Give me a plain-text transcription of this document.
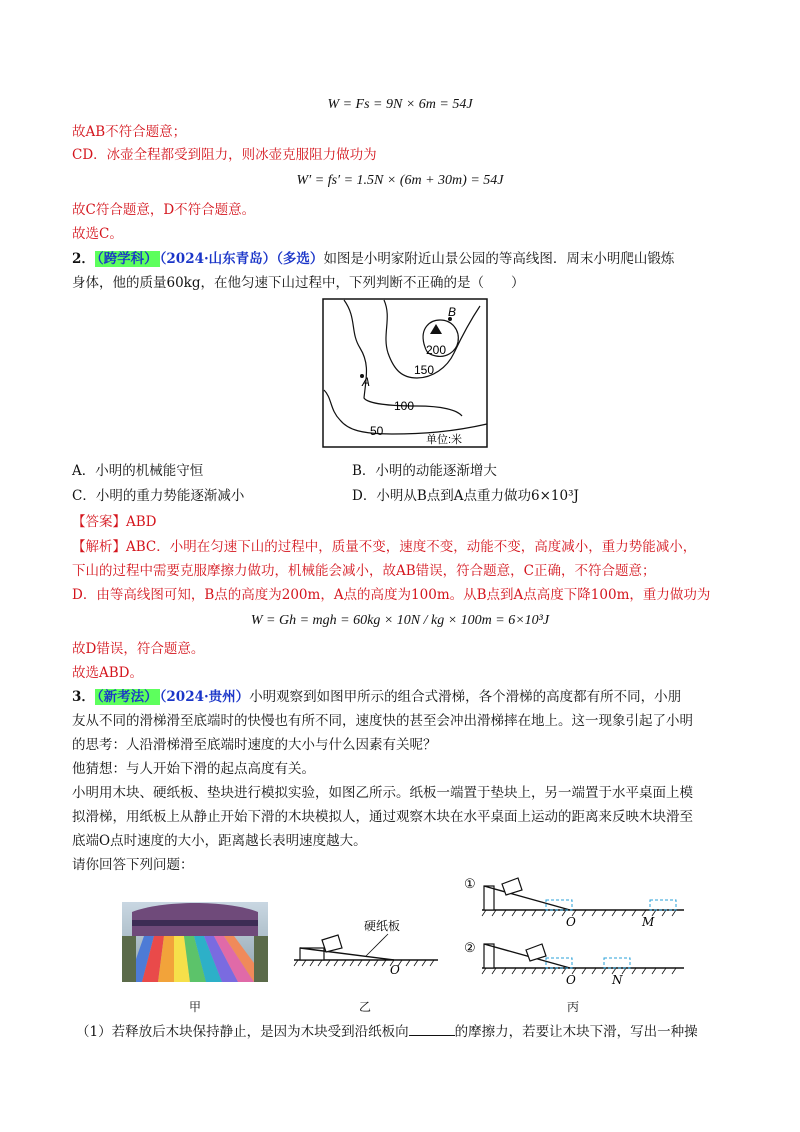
W = Fs = 9N × 6m = 54J
故AB不符合题意；
CD．冰壶全程都受到阻力，则冰壶克服阻力做功为
W′ = fs′ = 1.5N × (6m + 30m) = 54J
故C符合题意，D不符合题意。
故选C。
2． （跨学科） （2024·山东青岛）（多选）如图是小明家附近山景公园的等高线图．周末小明爬山锻炼
身体，他的质量60kg，在他匀速下山过程中，下列判断不正确的是（　　）
B
200
150
A
100
50
单位:米
A．小明的机械能守恒	B．小明的动能逐渐增大
C．小明的重力势能逐渐减小	D．小明从B点到A点重力做功6×10³J
【答案】ABD
【解析】ABC．小明在匀速下山的过程中，质量不变，速度不变，动能不变，高度减小，重力势能减小，
下山的过程中需要克服摩擦力做功，机械能会减小，故AB错误，符合题意，C正确，不符合题意；
D．由等高线图可知，B点的高度为200m，A点的高度为100m。从B点到A点高度下降100m，重力做功为
W = Gh = mgh = 60kg × 10N / kg × 100m = 6×10³J
故D错误，符合题意。
故选ABD。
3． （新考法） （2024·贵州）小明观察到如图甲所示的组合式滑梯，各个滑梯的高度都有所不同，小朋
友从不同的滑梯滑至底端时的快慢也有所不同，速度快的甚至会冲出滑梯摔在地上。这一现象引起了小明
的思考：人沿滑梯滑至底端时速度的大小与什么因素有关呢？
他猜想：与人开始下滑的起点高度有关。
小明用木块、硬纸板、垫块进行模拟实验，如图乙所示。纸板一端置于垫块上，另一端置于水平桌面上模
拟滑梯，用纸板上从静止开始下滑的木块模拟人，通过观察木块在水平桌面上运动的距离来反映木块滑至
底端O点时速度的大小，距离越长表明速度越大。
请你回答下列问题：
甲
硬纸板
O
乙
①
O	M
②
O	N
丙
（1）若释放后木块保持静止，是因为木块受到沿纸板向	的摩擦力，若要让木块下滑，写出一种操
